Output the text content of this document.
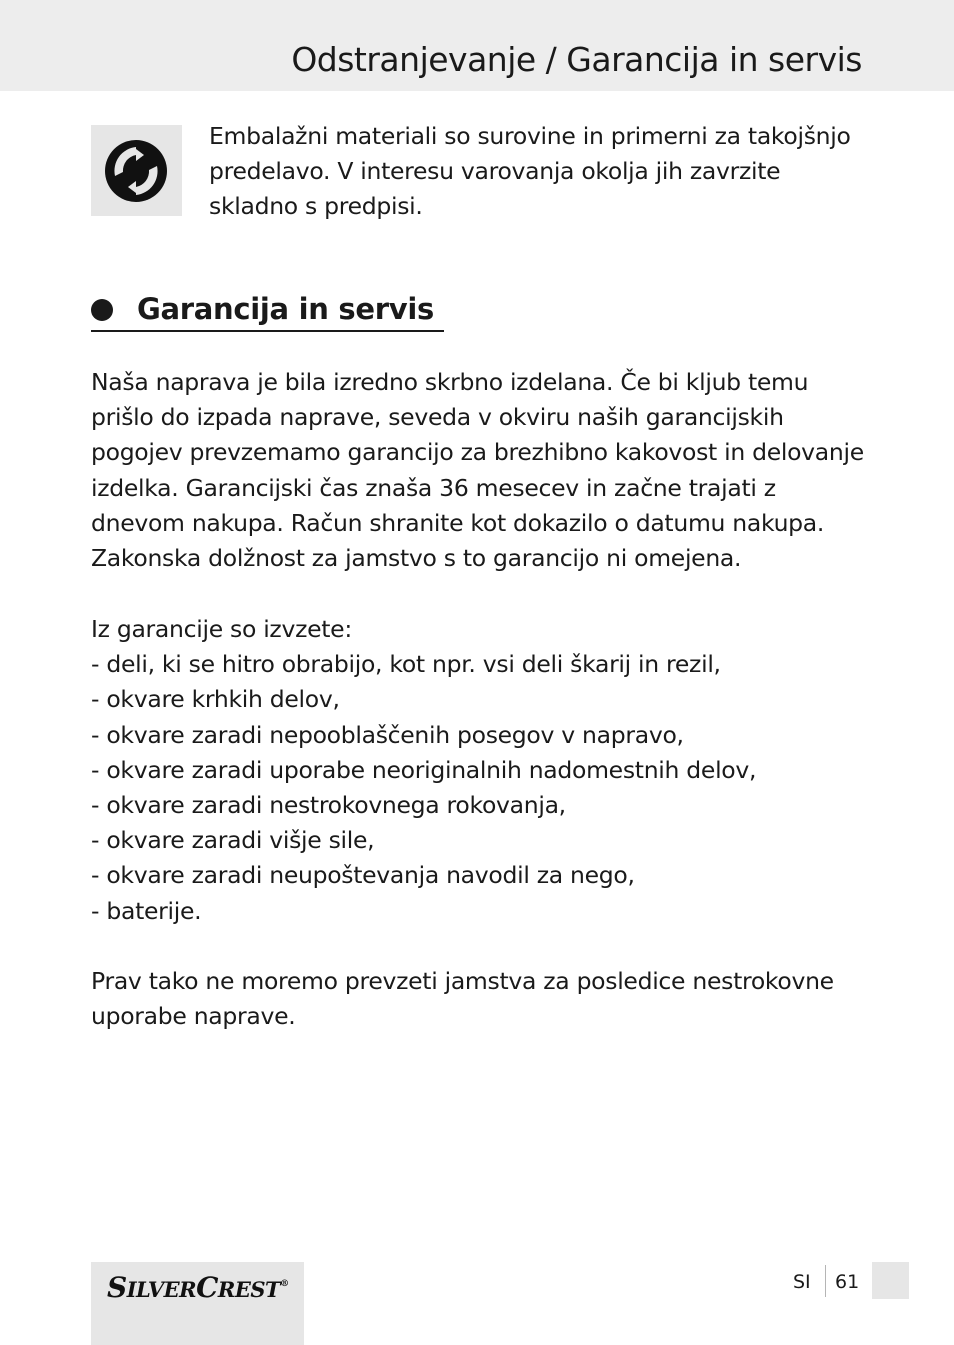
Odstranjevanje / Garancija in servis

Embalažni materiali so surovine in primerni za takojšnjo predelavo. V interesu varovanja okolja jih zavrzite skladno s predpisi.

Garancija in servis

Naša naprava je bila izredno skrbno izdelana. Če bi kljub temu prišlo do izpada naprave, seveda v okviru naših garancijskih pogojev prevzemamo garancijo za brezhibno kakovost in delovanje izdelka. Garancijski čas znaša 36 mesecev in začne trajati z dnevom nakupa. Račun shranite kot dokazilo o datumu nakupa. Zakonska dolžnost za jamstvo s to garancijo ni omejena.

Iz garancije so izvzete:
- deli, ki se hitro obrabijo, kot npr. vsi deli škarij in rezil,
- okvare krhkih delov,
- okvare zaradi nepooblaščenih posegov v napravo,
- okvare zaradi uporabe neoriginalnih nadomestnih delov,
- okvare zaradi nestrokovnega rokovanja,
- okvare zaradi višje sile,
- okvare zaradi neupoštevanja navodil za nego,
- baterije.

Prav tako ne moremo prevzeti jamstva za posledice nestrokovne uporabe naprave.

SILVERCREST®	SI 61
